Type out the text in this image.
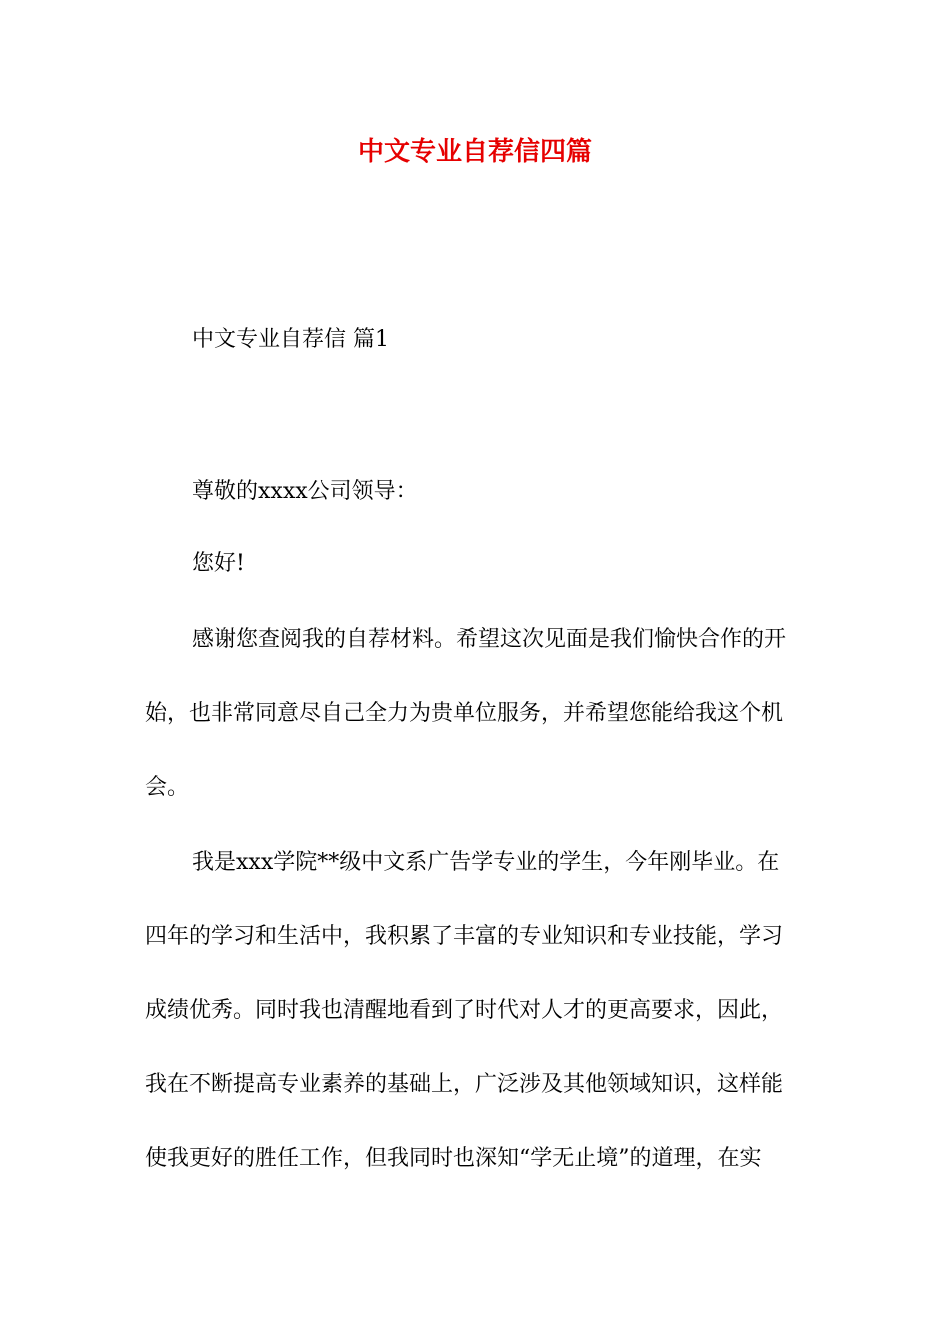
中文专业自荐信四篇
中文专业自荐信 篇1
尊敬的xxxx公司领导：
您好!
感谢您查阅我的自荐材料。希望这次见面是我们愉快合作的开
始，也非常同意尽自己全力为贵单位服务，并希望您能给我这个机
会。
我是xxx学院**级中文系广告学专业的学生，今年刚毕业。在
四年的学习和生活中，我积累了丰富的专业知识和专业技能，学习
成绩优秀。同时我也清醒地看到了时代对人才的更高要求，因此，
我在不断提高专业素养的基础上，广泛涉及其他领域知识，这样能
使我更好的胜任工作，但我同时也深知“学无止境”的道理，在实
